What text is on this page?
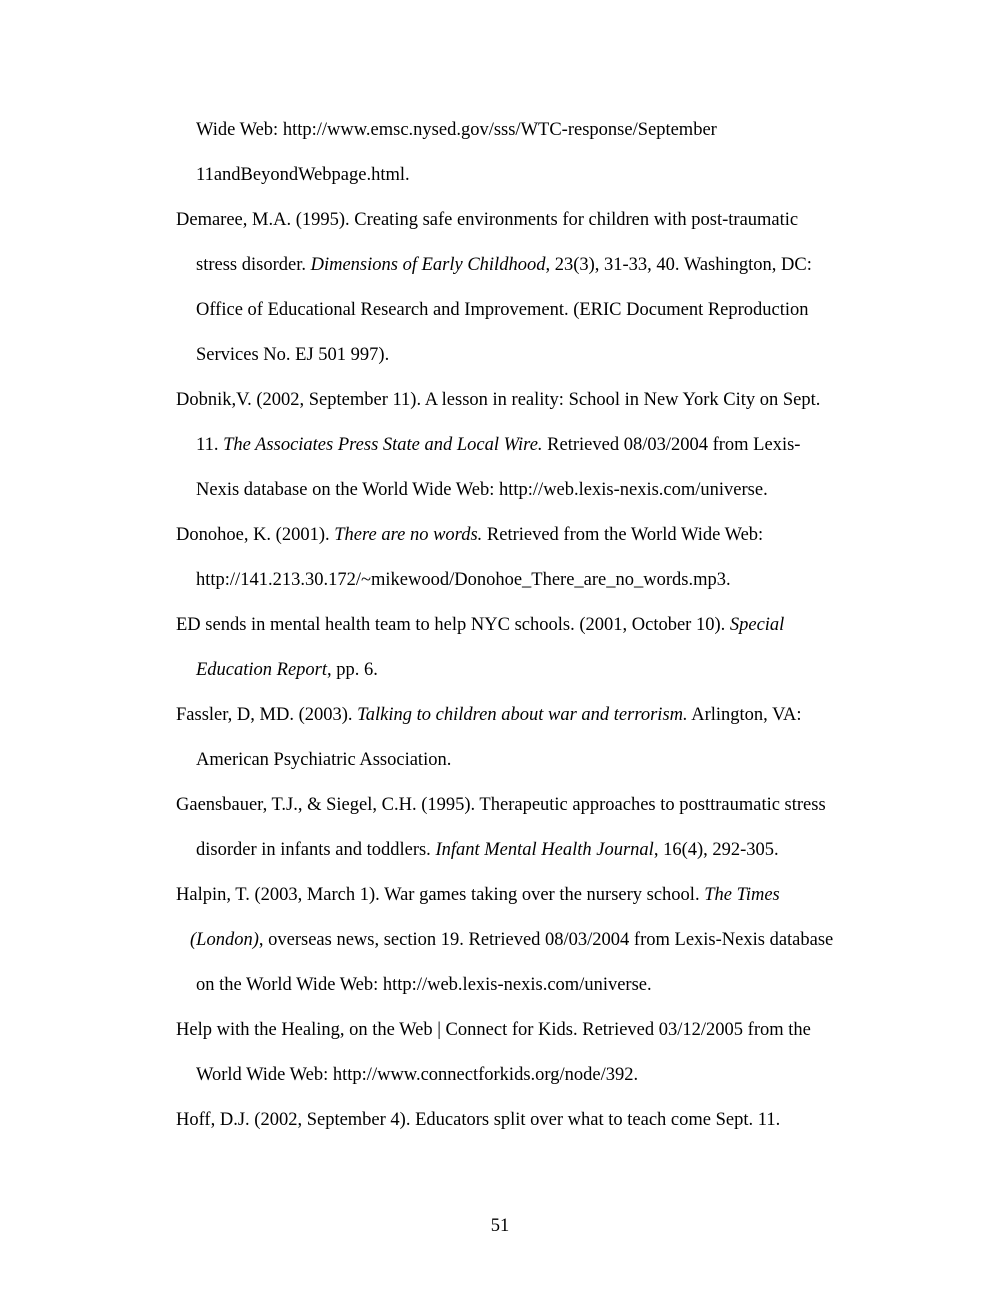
Wide Web: http://www.emsc.nysed.gov/sss/WTC-response/September
11andBeyondWebpage.html.
Demaree, M.A. (1995). Creating safe environments for children with post-traumatic
stress disorder. Dimensions of Early Childhood, 23(3), 31-33, 40. Washington, DC:
Office of Educational Research and Improvement. (ERIC Document Reproduction
Services No. EJ 501 997).
Dobnik,V. (2002, September 11). A lesson in reality: School in New York City on Sept.
11. The Associates Press State and Local Wire. Retrieved 08/03/2004 from Lexis-
Nexis database on the World Wide Web: http://web.lexis-nexis.com/universe.
Donohoe, K. (2001). There are no words. Retrieved from the World Wide Web:
http://141.213.30.172/~mikewood/Donohoe_There_are_no_words.mp3.
ED sends in mental health team to help NYC schools. (2001, October 10). Special
Education Report, pp. 6.
Fassler, D, MD. (2003). Talking to children about war and terrorism. Arlington, VA:
American Psychiatric Association.
Gaensbauer, T.J., & Siegel, C.H. (1995). Therapeutic approaches to posttraumatic stress
disorder in infants and toddlers. Infant Mental Health Journal, 16(4), 292-305.
Halpin, T. (2003, March 1). War games taking over the nursery school. The Times
(London), overseas news, section 19. Retrieved 08/03/2004 from Lexis-Nexis database
on the World Wide Web: http://web.lexis-nexis.com/universe.
Help with the Healing, on the Web | Connect for Kids. Retrieved 03/12/2005 from the
World Wide Web: http://www.connectforkids.org/node/392.
Hoff, D.J. (2002, September 4). Educators split over what to teach come Sept. 11.
51
